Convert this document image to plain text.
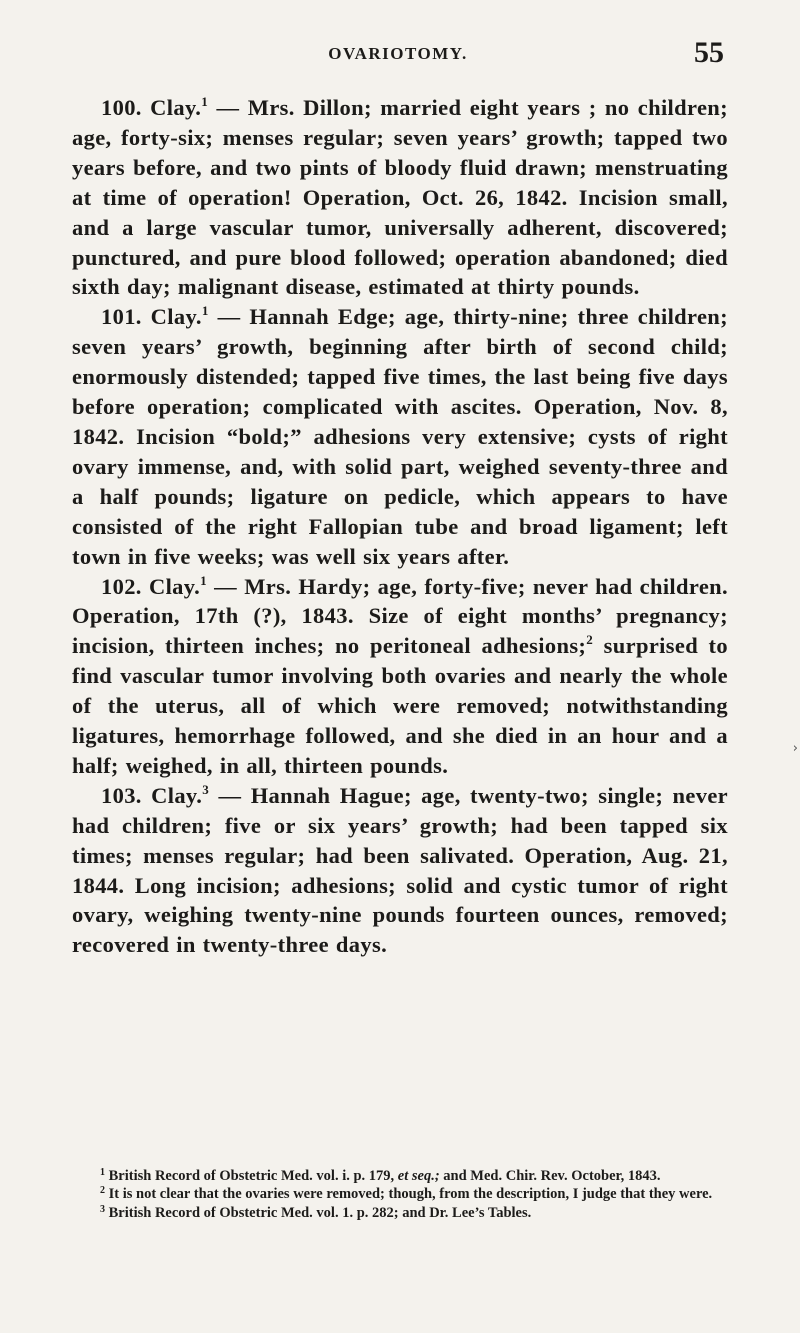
OVARIOTOMY.	55

100. Clay.$^1$ — Mrs. Dillon; married eight years ; no children; age, forty-six; menses regular; seven years’ growth; tapped two years before, and two pints of bloody fluid drawn; menstruating at time of operation! Operation, Oct. 26, 1842. Incision small, and a large vascular tumor, universally adherent, discovered; punctured, and pure blood followed; operation abandoned; died sixth day; malignant disease, estimated at thirty pounds.

101. Clay.$^1$ — Hannah Edge; age, thirty-nine; three children; seven years’ growth, beginning after birth of second child; enormously distended; tapped five times, the last being five days before operation; complicated with ascites. Operation, Nov. 8, 1842. Incision “bold;” adhesions very extensive; cysts of right ovary immense, and, with solid part, weighed seventy-three and a half pounds; ligature on pedicle, which appears to have consisted of the right Fallopian tube and broad ligament; left town in five weeks; was well six years after.

102. Clay.$^1$ — Mrs. Hardy; age, forty-five; never had children. Operation, 17th (?), 1843. Size of eight months’ pregnancy; incision, thirteen inches; no peritoneal adhesions;$^2$ surprised to find vascular tumor involving both ovaries and nearly the whole of the uterus, all of which were removed; notwithstanding ligatures, hemorrhage followed, and she died in an hour and a half; weighed, in all, thirteen pounds.

103. Clay.$^3$ — Hannah Hague; age, twenty-two; single; never had children; five or six years’ growth; had been tapped six times; menses regular; had been salivated. Operation, Aug. 21, 1844. Long incision; adhesions; solid and cystic tumor of right ovary, weighing twenty-nine pounds fourteen ounces, removed; recovered in twenty-three days.

$^1$ British Record of Obstetric Med. vol. i. p. 179, et seq.; and Med. Chir. Rev. October, 1843.

$^2$ It is not clear that the ovaries were removed; though, from the description, I judge that they were.

$^3$ British Record of Obstetric Med. vol. 1. p. 282; and Dr. Lee’s Tables.

›
